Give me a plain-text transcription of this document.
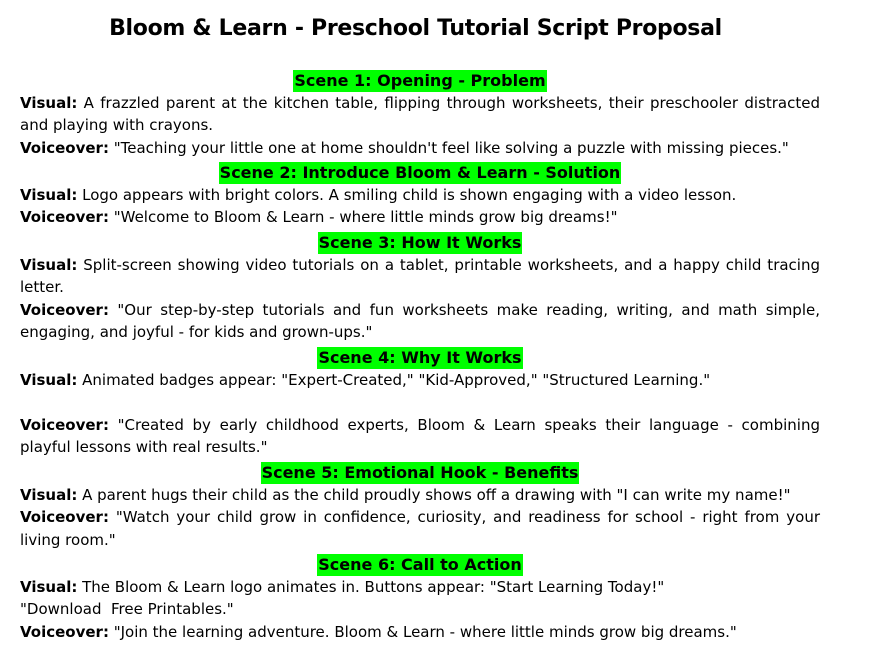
Bloom & Learn - Preschool Tutorial Script Proposal
Scene 1: Opening - Problem
Visual: A frazzled parent at the kitchen table, flipping through worksheets, their preschooler distracted and playing with crayons.
Voiceover: "Teaching your little one at home shouldn't feel like solving a puzzle with missing pieces."
Scene 2: Introduce Bloom & Learn - Solution
Visual: Logo appears with bright colors. A smiling child is shown engaging with a video lesson.
Voiceover: "Welcome to Bloom & Learn - where little minds grow big dreams!"
Scene 3: How It Works
Visual: Split-screen showing video tutorials on a tablet, printable worksheets, and a happy child tracing letter.
Voiceover: "Our step-by-step tutorials and fun worksheets make reading, writing, and math simple, engaging, and joyful - for kids and grown-ups."
Scene 4: Why It Works
Visual: Animated badges appear: "Expert-Created," "Kid-Approved," "Structured Learning."
Voiceover: "Created by early childhood experts, Bloom & Learn speaks their language - combining playful lessons with real results."
Scene 5: Emotional Hook - Benefits
Visual: A parent hugs their child as the child proudly shows off a drawing with "I can write my name!"
Voiceover: "Watch your child grow in confidence, curiosity, and readiness for school - right from your living room."
Scene 6: Call to Action
Visual: The Bloom & Learn logo animates in. Buttons appear: "Start Learning Today!"
"Download  Free Printables."
Voiceover: "Join the learning adventure. Bloom & Learn - where little minds grow big dreams."
